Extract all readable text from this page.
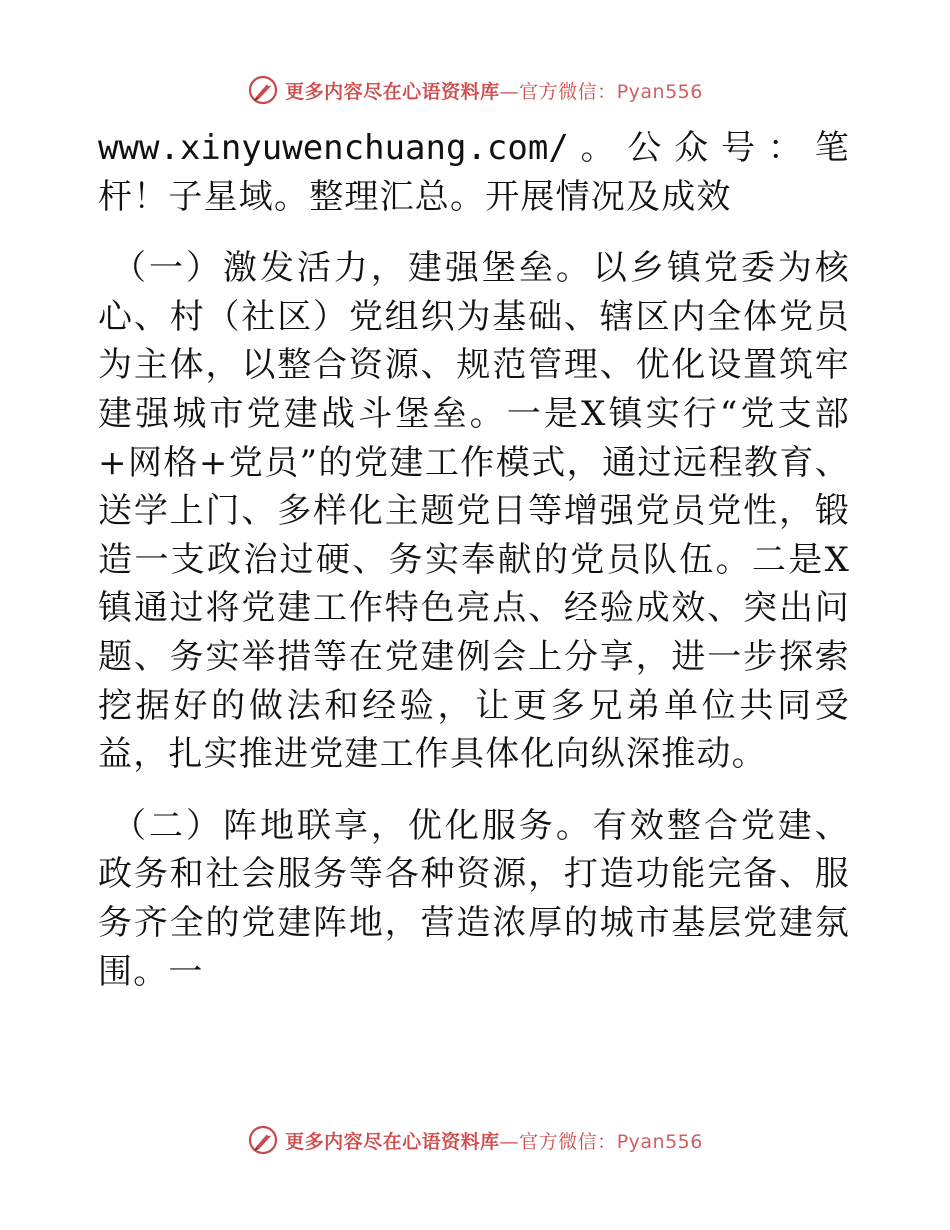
更多内容尽在心语资料库—官方微信：Pyan556

www.xinyuwenchuang.com/。公众号：笔杆！子星域。整理汇总。开展情况及成效

（一）激发活力，建强堡垒。以乡镇党委为核心、村（社区）党组织为基础、辖区内全体党员为主体，以整合资源、规范管理、优化设置筑牢建强城市党建战斗堡垒。一是X镇实行“党支部+网格+党员”的党建工作模式，通过远程教育、送学上门、多样化主题党日等增强党员党性，锻造一支政治过硬、务实奉献的党员队伍。二是X镇通过将党建工作特色亮点、经验成效、突出问题、务实举措等在党建例会上分享，进一步探索挖据好的做法和经验，让更多兄弟单位共同受益，扎实推进党建工作具体化向纵深推动。

（二）阵地联享，优化服务。有效整合党建、政务和社会服务等各种资源，打造功能完备、服务齐全的党建阵地，营造浓厚的城市基层党建氛围。一

更多内容尽在心语资料库—官方微信：Pyan556
